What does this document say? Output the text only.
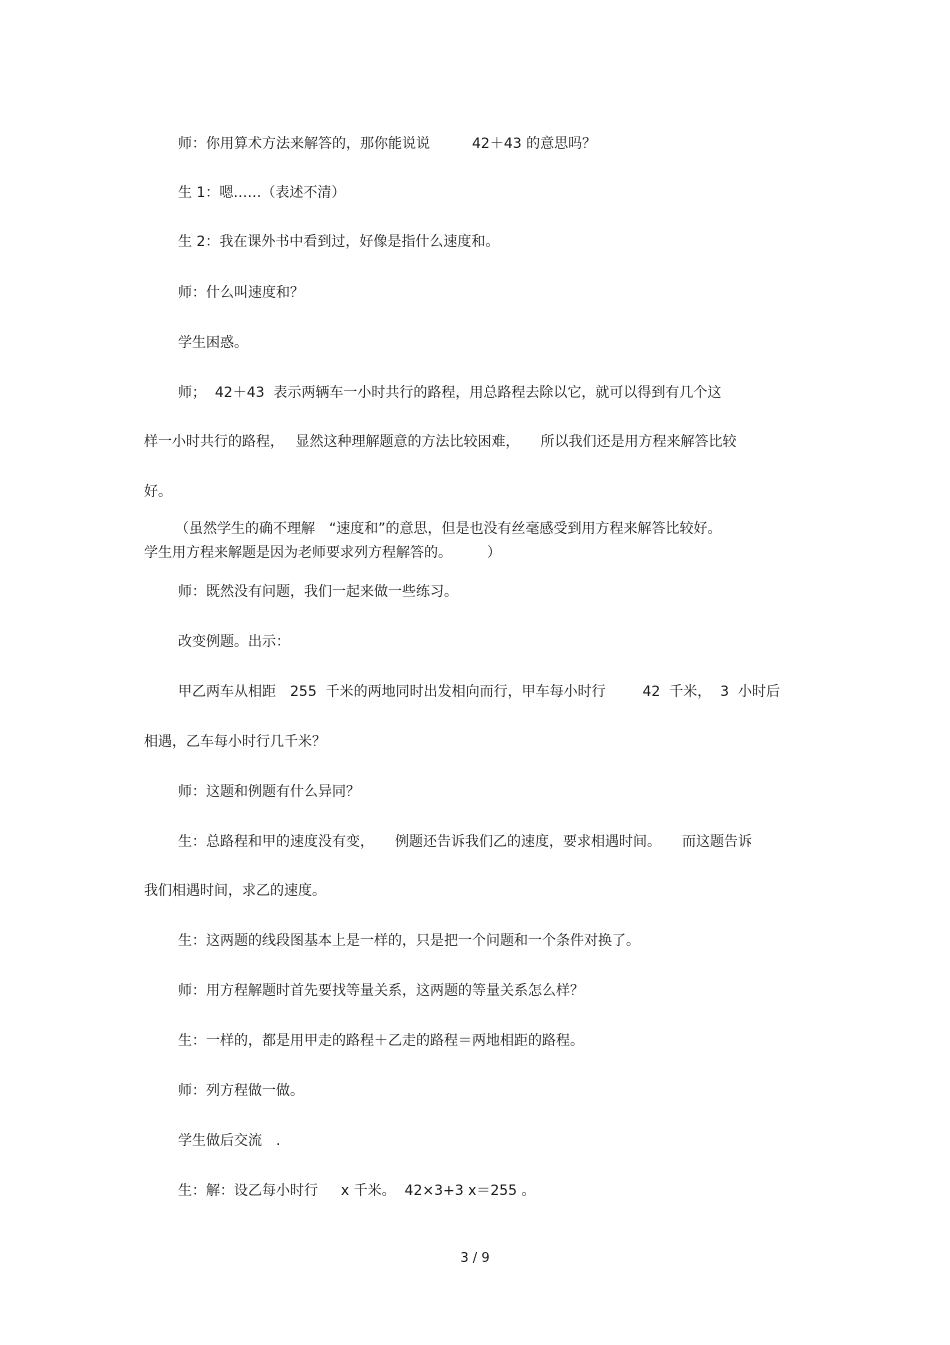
师：你用算术方法来解答的，那你能说说　　　42＋43 的意思吗？
生 1：嗯……（表述不清）
生 2：我在课外书中看到过，好像是指什么速度和。
师：什么叫速度和？
学生困惑。
师；  42＋43  表示两辆车一小时共行的路程，用总路程去除以它，就可以得到有几个这
样一小时共行的路程，　 显然这种理解题意的方法比较困难，　　所以我们还是用方程来解答比较
好。
（虽然学生的确不理解　“速度和”的意思，但是也没有丝毫感受到用方程来解答比较好。
学生用方程来解题是因为老师要求列方程解答的。　　　）
师：既然没有问题，我们一起来做一些练习。
改变例题。出示：
甲乙两车从相距　255  千米的两地同时出发相向而行，甲车每小时行　　  42  千米，  3  小时后
相遇，乙车每小时行几千米？
师：这题和例题有什么异同？
生：总路程和甲的速度没有变，　　例题还告诉我们乙的速度，要求相遇时间。　　而这题告诉
我们相遇时间，求乙的速度。
生：这两题的线段图基本上是一样的，只是把一个问题和一个条件对换了。
师：用方程解题时首先要找等量关系，这两题的等量关系怎么样？
生：一样的，都是用甲走的路程＋乙走的路程＝两地相距的路程。
师：列方程做一做。
学生做后交流　.
生：解：设乙每小时行　  x 千米。  42×3+3 x＝255 。
3 / 9
